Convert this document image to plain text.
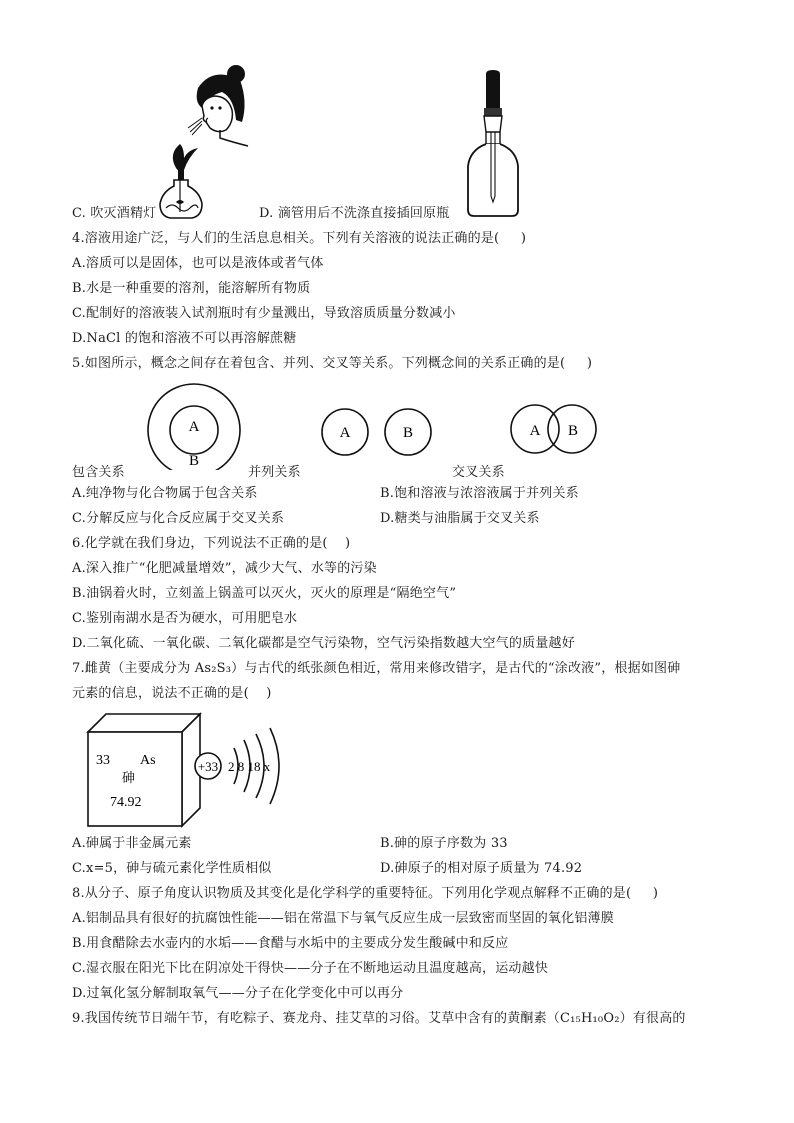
C. 吹灭酒精灯	D. 滴管用后不洗涤直接插回原瓶
4.溶液用途广泛，与人们的生活息息相关。下列有关溶液的说法正确的是(     )
A.溶质可以是固体，也可以是液体或者气体
B.水是一种重要的溶剂，能溶解所有物质
C.配制好的溶液装入试剂瓶时有少量溅出，导致溶质质量分数减小
D.NaCl 的饱和溶液不可以再溶解蔗糖
5.如图所示，概念之间存在着包含、并列、交叉等关系。下列概念间的关系正确的是(     )
A
B
A	B	A B
包含关系	并列关系	交叉关系
A.纯净物与化合物属于包含关系	B.饱和溶液与浓溶液属于并列关系
C.分解反应与化合反应属于交叉关系	D.糖类与油脂属于交叉关系
6.化学就在我们身边，下列说法不正确的是(    )
A.深入推广“化肥减量增效”，减少大气、水等的污染
B.油锅着火时，立刻盖上锅盖可以灭火，灭火的原理是“隔绝空气”
C.鉴别南湖水是否为硬水，可用肥皂水
D.二氧化硫、一氧化碳、二氧化碳都是空气污染物，空气污染指数越大空气的质量越好
7.雌黄（主要成分为 As₂S₃）与古代的纸张颜色相近，常用来修改错字，是古代的“涂改液”，根据如图砷
元素的信息，说法不正确的是(    )
33 As
砷
74.92
+33 2 8 18 x
A.砷属于非金属元素	B.砷的原子序数为 33
C.x=5，砷与硫元素化学性质相似	D.砷原子的相对原子质量为 74.92
8.从分子、原子角度认识物质及其变化是化学科学的重要特征。下列用化学观点解释不正确的是(     )
A.铝制品具有很好的抗腐蚀性能——铝在常温下与氧气反应生成一层致密而坚固的氧化铝薄膜
B.用食醋除去水壶内的水垢——食醋与水垢中的主要成分发生酸碱中和反应
C.湿衣服在阳光下比在阴凉处干得快——分子在不断地运动且温度越高，运动越快
D.过氧化氢分解制取氧气——分子在化学变化中可以再分
9.我国传统节日端午节，有吃粽子、赛龙舟、挂艾草的习俗。艾草中含有的黄酮素（C₁₅H₁₀O₂）有很高的
